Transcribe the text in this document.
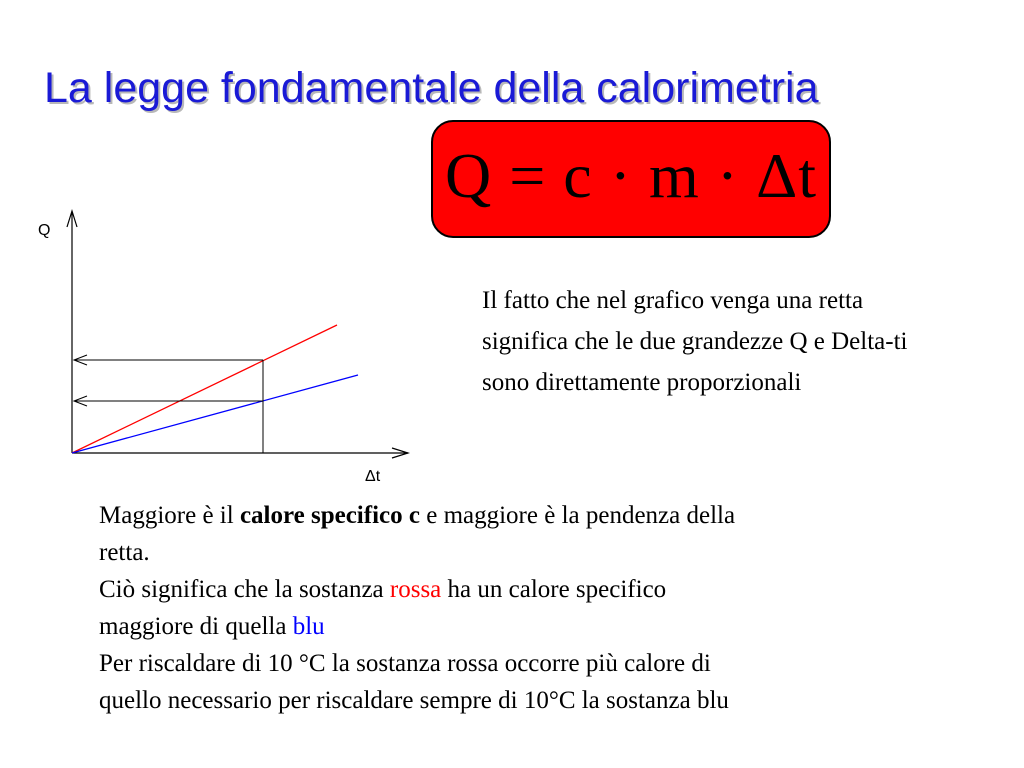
La legge fondamentale della calorimetria
Q = c · m · Δt
Q
Δt

Il fatto che nel grafico venga una retta significa che le due grandezze Q e Delta-ti sono direttamente proporzionali

Maggiore è il calore specifico c e maggiore è la pendenza della
retta.
Ciò significa che la sostanza rossa ha un calore specifico
maggiore di quella blu
Per riscaldare di 10 °C la sostanza rossa occorre più calore di
quello necessario per riscaldare sempre di 10°C la sostanza blu
